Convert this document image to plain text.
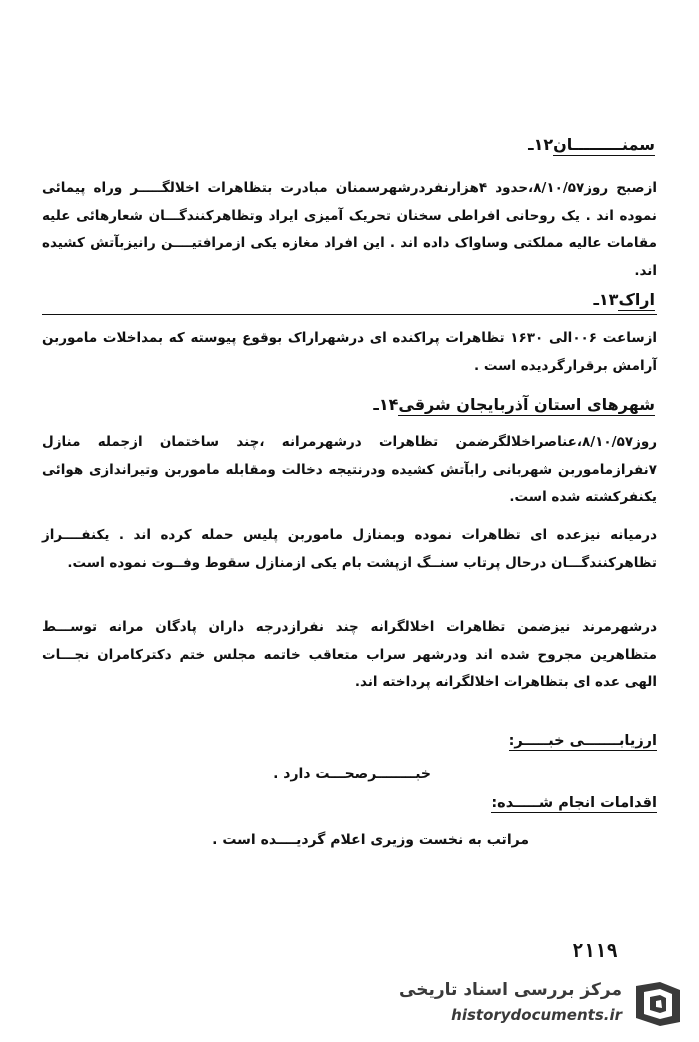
۱۲ـسمنـــــــــان
ازصبح روز۸/۱۰/۵۷،حدود ۴هزارنفردرشهرسمنان مبادرت بتظاهرات اخلالگـــــر وراه پیمائی نموده اند . یک روحانی افراطی سخنان تحریک آمیزی ایراد وتظاهرکنندگـــان شعارهائی علیه مقامات عالیه مملکتی وساواک داده اند . این افراد مغازه یکی ازمرافتیــــن رانیزبآتش کشیده اند.
۱۳ـاراک
ازساعت ۰۰۶الی ۱۶۳۰ تظاهرات پراکنده ای درشهراراک بوقوع پیوسته که بمداخلات ماموربن آرامش برقرارگردیده است .
۱۴ـشهرهای استان آذربایجان شرقی
روز۸/۱۰/۵۷،عناصراخلالگرضمن تظاهرات درشهرمرانه ،چند ساختمان ازجمله منازل ۷نفرازماموربن شهربانی رابآتش کشیده ودرنتیجه دخالت ومقابله ماموربن وتیراندازی هوائی یکنفرکشته شده است.
درمیانه نیزعده ای تظاهرات نموده وبمنازل ماموربن پلیس حمله کرده اند . یکنفــــراز تظاهرکنندگـــان درحال پرتاب سنــگ ازپشت بام یکی ازمنازل سقوط وفــوت نموده است.
درشهرمرند نیزضمن تظاهرات اخلالگرانه چند نفرازدرجه داران پادگان مرانه توســـط متظاهرین مجروح شده اند ودرشهر سراب متعاقب خاتمه مجلس ختم دکترکامران نجـــات الهی عده ای بتظاهرات اخلالگرانه پرداخته اند.
ارزیابـــــــی خبـــــر:
خبــــــــرصحـــت دارد .
اقدامات انجام شـــــده:
مراتب به نخست وزیری اعلام گردیــــده است .
۲۱۱۹
مرکز بررسی اسناد تاریخی
historydocuments.ir
